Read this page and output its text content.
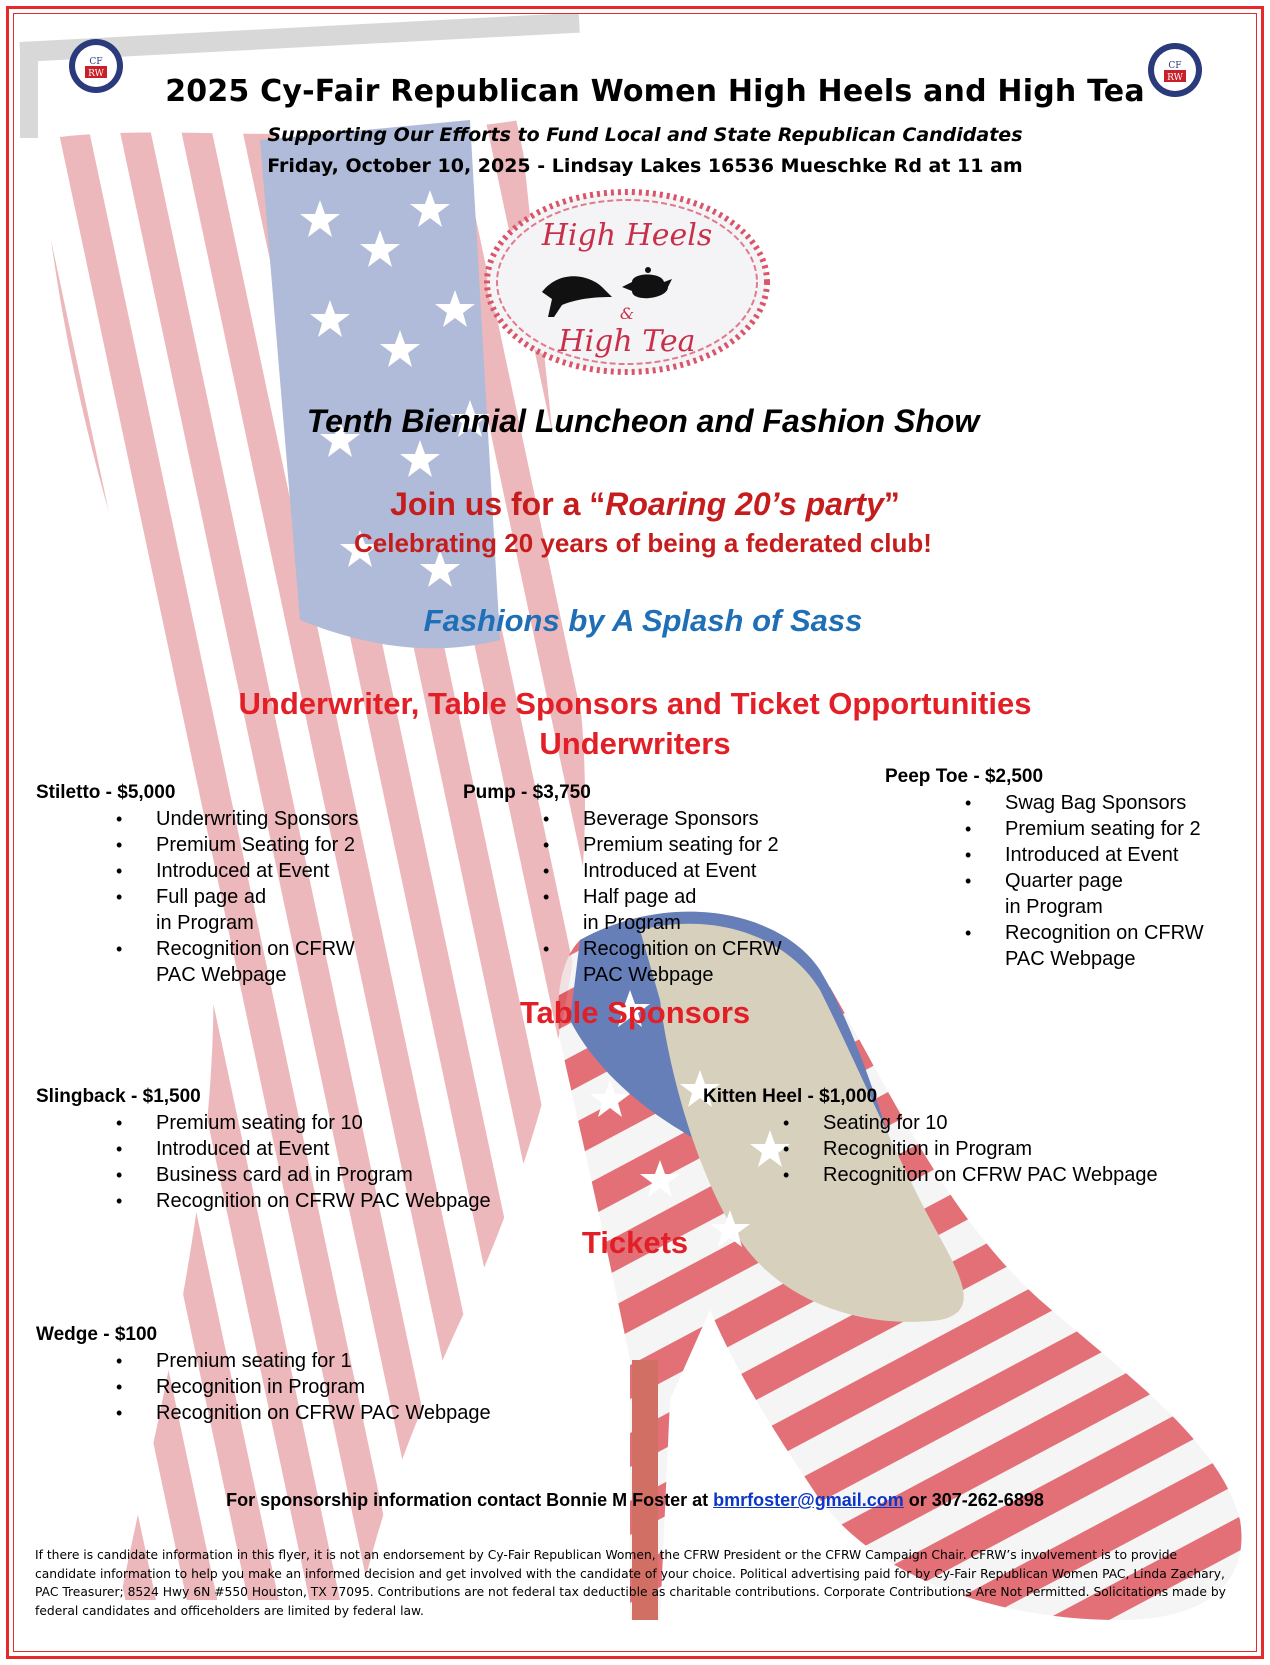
CF
RW
CF
RW
2025 Cy-Fair Republican Women High Heels and High Tea
Supporting Our Efforts to Fund Local and State Republican Candidates
Friday, October 10, 2025 - Lindsay Lakes 16536 Mueschke Rd at 11 am
High Heels
&
High Tea
Tenth Biennial Luncheon and Fashion Show
Join us for a “Roaring 20’s party”
Celebrating 20 years of being a federated club!
Fashions by A Splash of Sass
Underwriter, Table Sponsors and Ticket Opportunities
Underwriters
Stiletto - $5,000
• Underwriting Sponsors
• Premium Seating for 2
• Introduced at Event
• Full page ad
in Program
• Recognition on CFRW
PAC Webpage
Pump - $3,750
• Beverage Sponsors
• Premium seating for 2
• Introduced at Event
• Half page ad
in Program
• Recognition on CFRW
PAC Webpage
Peep Toe - $2,500
• Swag Bag Sponsors
• Premium seating for 2
• Introduced at Event
• Quarter page
in Program
• Recognition on CFRW
PAC Webpage
Table Sponsors
Slingback - $1,500
• Premium seating for 10
• Introduced at Event
• Business card ad in Program
• Recognition on CFRW PAC Webpage
Kitten Heel - $1,000
• Seating for 10
• Recognition in Program
• Recognition on CFRW PAC Webpage
Tickets
Wedge - $100
• Premium seating for 1
• Recognition in Program
• Recognition on CFRW PAC Webpage
For sponsorship information contact Bonnie M Foster at bmrfoster@gmail.com or 307-262-6898
If there is candidate information in this flyer, it is not an endorsement by Cy-Fair Republican Women, the CFRW President or the CFRW Campaign Chair. CFRW’s involvement is to provide candidate information to help you make an informed decision and get involved with the candidate of your choice. Political advertising paid for by Cy-Fair Republican Women PAC, Linda Zachary, PAC Treasurer; 8524 Hwy 6N #550 Houston, TX 77095. Contributions are not federal tax deductible as charitable contributions. Corporate Contributions Are Not Permitted. Solicitations made by federal candidates and officeholders are limited by federal law.
